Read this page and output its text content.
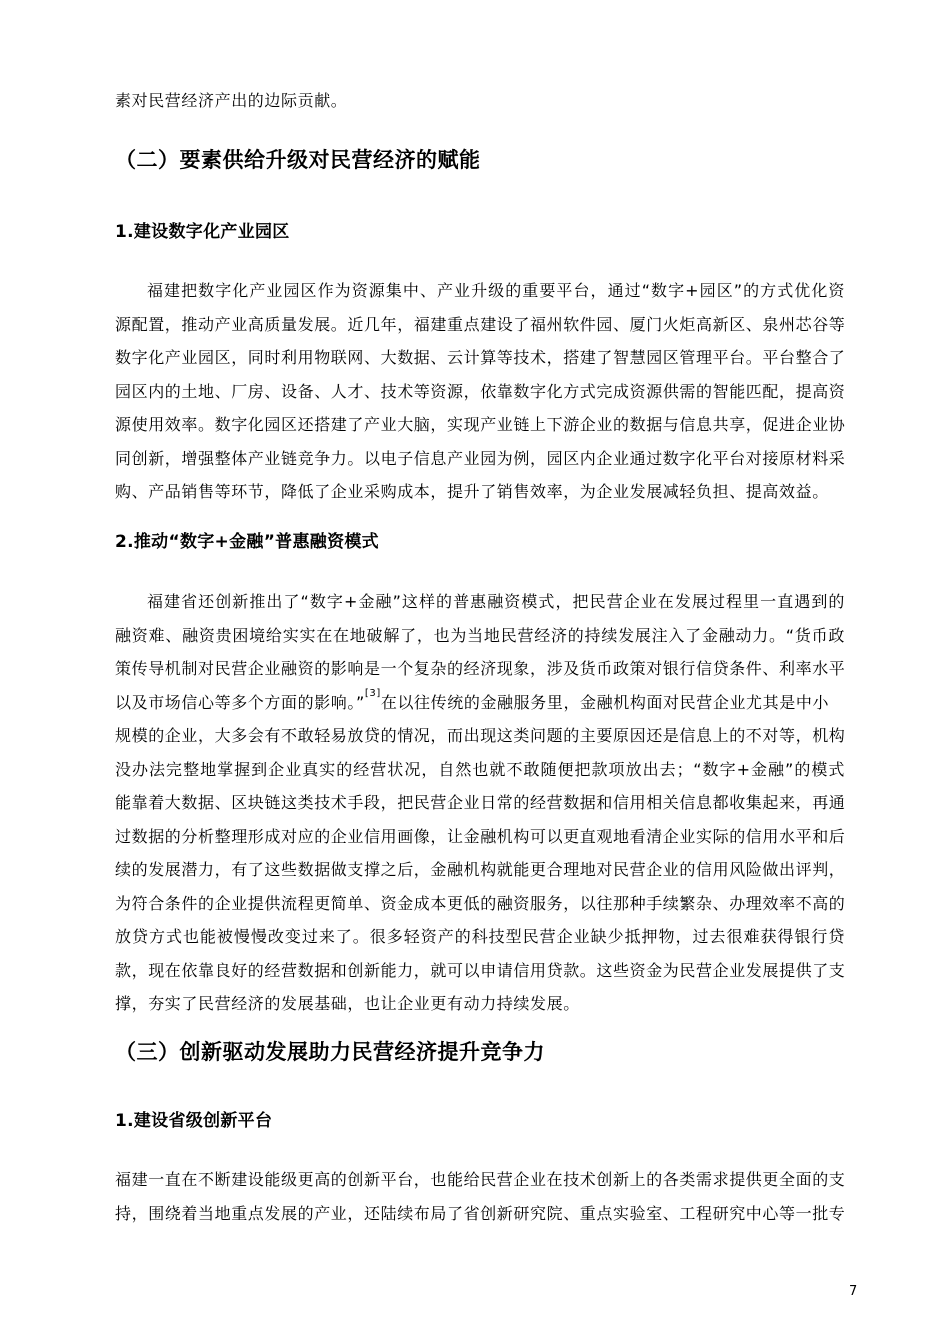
素对民营经济产出的边际贡献。
（二）要素供给升级对民营经济的赋能
1.建设数字化产业园区
福建把数字化产业园区作为资源集中、产业升级的重要平台，通过“数字+园区”的方式优化资
源配置，推动产业高质量发展。近几年，福建重点建设了福州软件园、厦门火炬高新区、泉州芯谷等
数字化产业园区，同时利用物联网、大数据、云计算等技术，搭建了智慧园区管理平台。平台整合了
园区内的土地、厂房、设备、人才、技术等资源，依靠数字化方式完成资源供需的智能匹配，提高资
源使用效率。数字化园区还搭建了产业大脑，实现产业链上下游企业的数据与信息共享，促进企业协
同创新，增强整体产业链竞争力。以电子信息产业园为例，园区内企业通过数字化平台对接原材料采
购、产品销售等环节，降低了企业采购成本，提升了销售效率，为企业发展减轻负担、提高效益。
2.推动“数字+金融”普惠融资模式
福建省还创新推出了“数字+金融”这样的普惠融资模式，把民营企业在发展过程里一直遇到的
融资难、融资贵困境给实实在在地破解了，也为当地民营经济的持续发展注入了金融动力。“货币政
策传导机制对民营企业融资的影响是一个复杂的经济现象，涉及货币政策对银行信贷条件、利率水平
以及市场信心等多个方面的影响。”[3]在以往传统的金融服务里，金融机构面对民营企业尤其是中小
规模的企业，大多会有不敢轻易放贷的情况，而出现这类问题的主要原因还是信息上的不对等，机构
没办法完整地掌握到企业真实的经营状况，自然也就不敢随便把款项放出去；“数字+金融”的模式
能靠着大数据、区块链这类技术手段，把民营企业日常的经营数据和信用相关信息都收集起来，再通
过数据的分析整理形成对应的企业信用画像，让金融机构可以更直观地看清企业实际的信用水平和后
续的发展潜力，有了这些数据做支撑之后，金融机构就能更合理地对民营企业的信用风险做出评判，
为符合条件的企业提供流程更简单、资金成本更低的融资服务，以往那种手续繁杂、办理效率不高的
放贷方式也能被慢慢改变过来了。很多轻资产的科技型民营企业缺少抵押物，过去很难获得银行贷
款，现在依靠良好的经营数据和创新能力，就可以申请信用贷款。这些资金为民营企业发展提供了支
撑，夯实了民营经济的发展基础，也让企业更有动力持续发展。
（三）创新驱动发展助力民营经济提升竞争力
1.建设省级创新平台
福建一直在不断建设能级更高的创新平台，也能给民营企业在技术创新上的各类需求提供更全面的支
持，围绕着当地重点发展的产业，还陆续布局了省创新研究院、重点实验室、工程研究中心等一批专
7
